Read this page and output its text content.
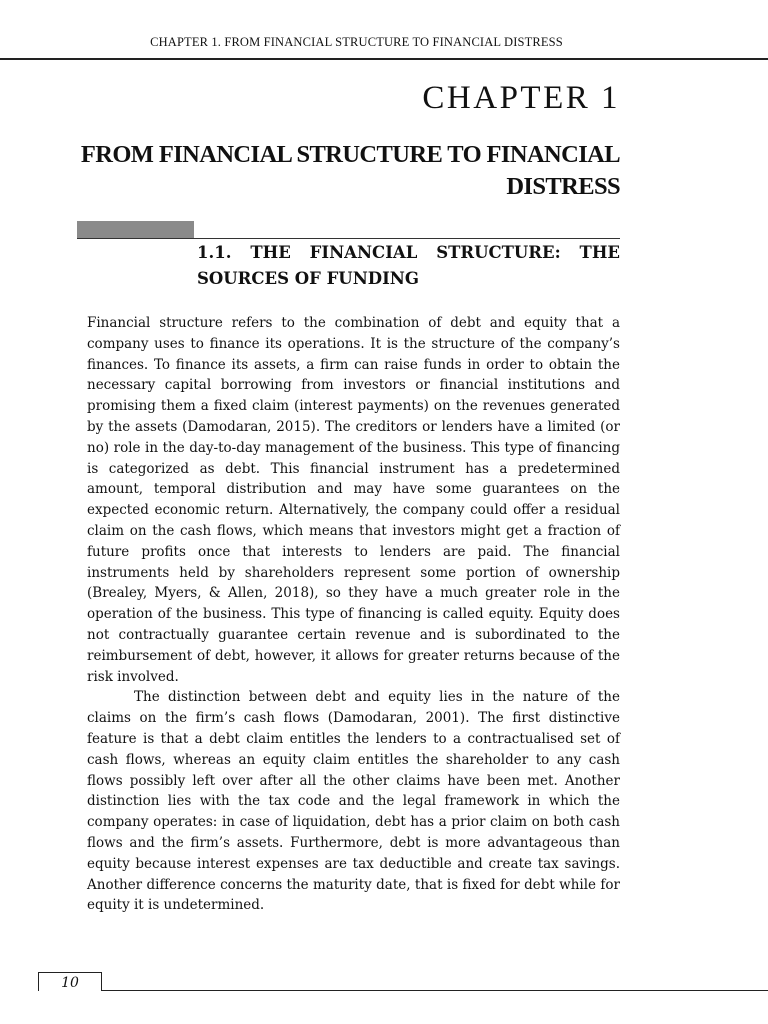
CHAPTER 1. FROM FINANCIAL STRUCTURE TO FINANCIAL DISTRESS
CHAPTER 1
FROM FINANCIAL STRUCTURE TO FINANCIAL DISTRESS
1.1. THE FINANCIAL STRUCTURE: THE SOURCES OF FUNDING

Financial structure refers to the combination of debt and equity that a company uses to finance its operations. It is the structure of the company’s finances. To finance its assets, a firm can raise funds in order to obtain the necessary capital borrowing from investors or financial institutions and promising them a fixed claim (interest payments) on the revenues generated by the assets (Damodaran, 2015). The creditors or lenders have a limited (or no) role in the day-to-day management of the business. This type of financing is categorized as debt. This financial instrument has a predetermined amount, temporal distribution and may have some guarantees on the expected economic return. Alternatively, the company could offer a residual claim on the cash flows, which means that investors might get a fraction of future profits once that interests to lenders are paid. The financial instruments held by shareholders represent some portion of ownership (Brealey, Myers, & Allen, 2018), so they have a much greater role in the operation of the business. This type of financing is called equity. Equity does not contractually guarantee certain revenue and is subordinated to the reimbursement of debt, however, it allows for greater returns because of the risk involved.

The distinction between debt and equity lies in the nature of the claims on the firm’s cash flows (Damodaran, 2001). The first distinctive feature is that a debt claim entitles the lenders to a contractualised set of cash flows, whereas an equity claim entitles the shareholder to any cash flows possibly left over after all the other claims have been met. Another distinction lies with the tax code and the legal framework in which the company operates: in case of liquidation, debt has a prior claim on both cash flows and the firm’s assets. Furthermore, debt is more advantageous than equity because interest expenses are tax deductible and create tax savings. Another difference concerns the maturity date, that is fixed for debt while for equity it is undetermined.

10
